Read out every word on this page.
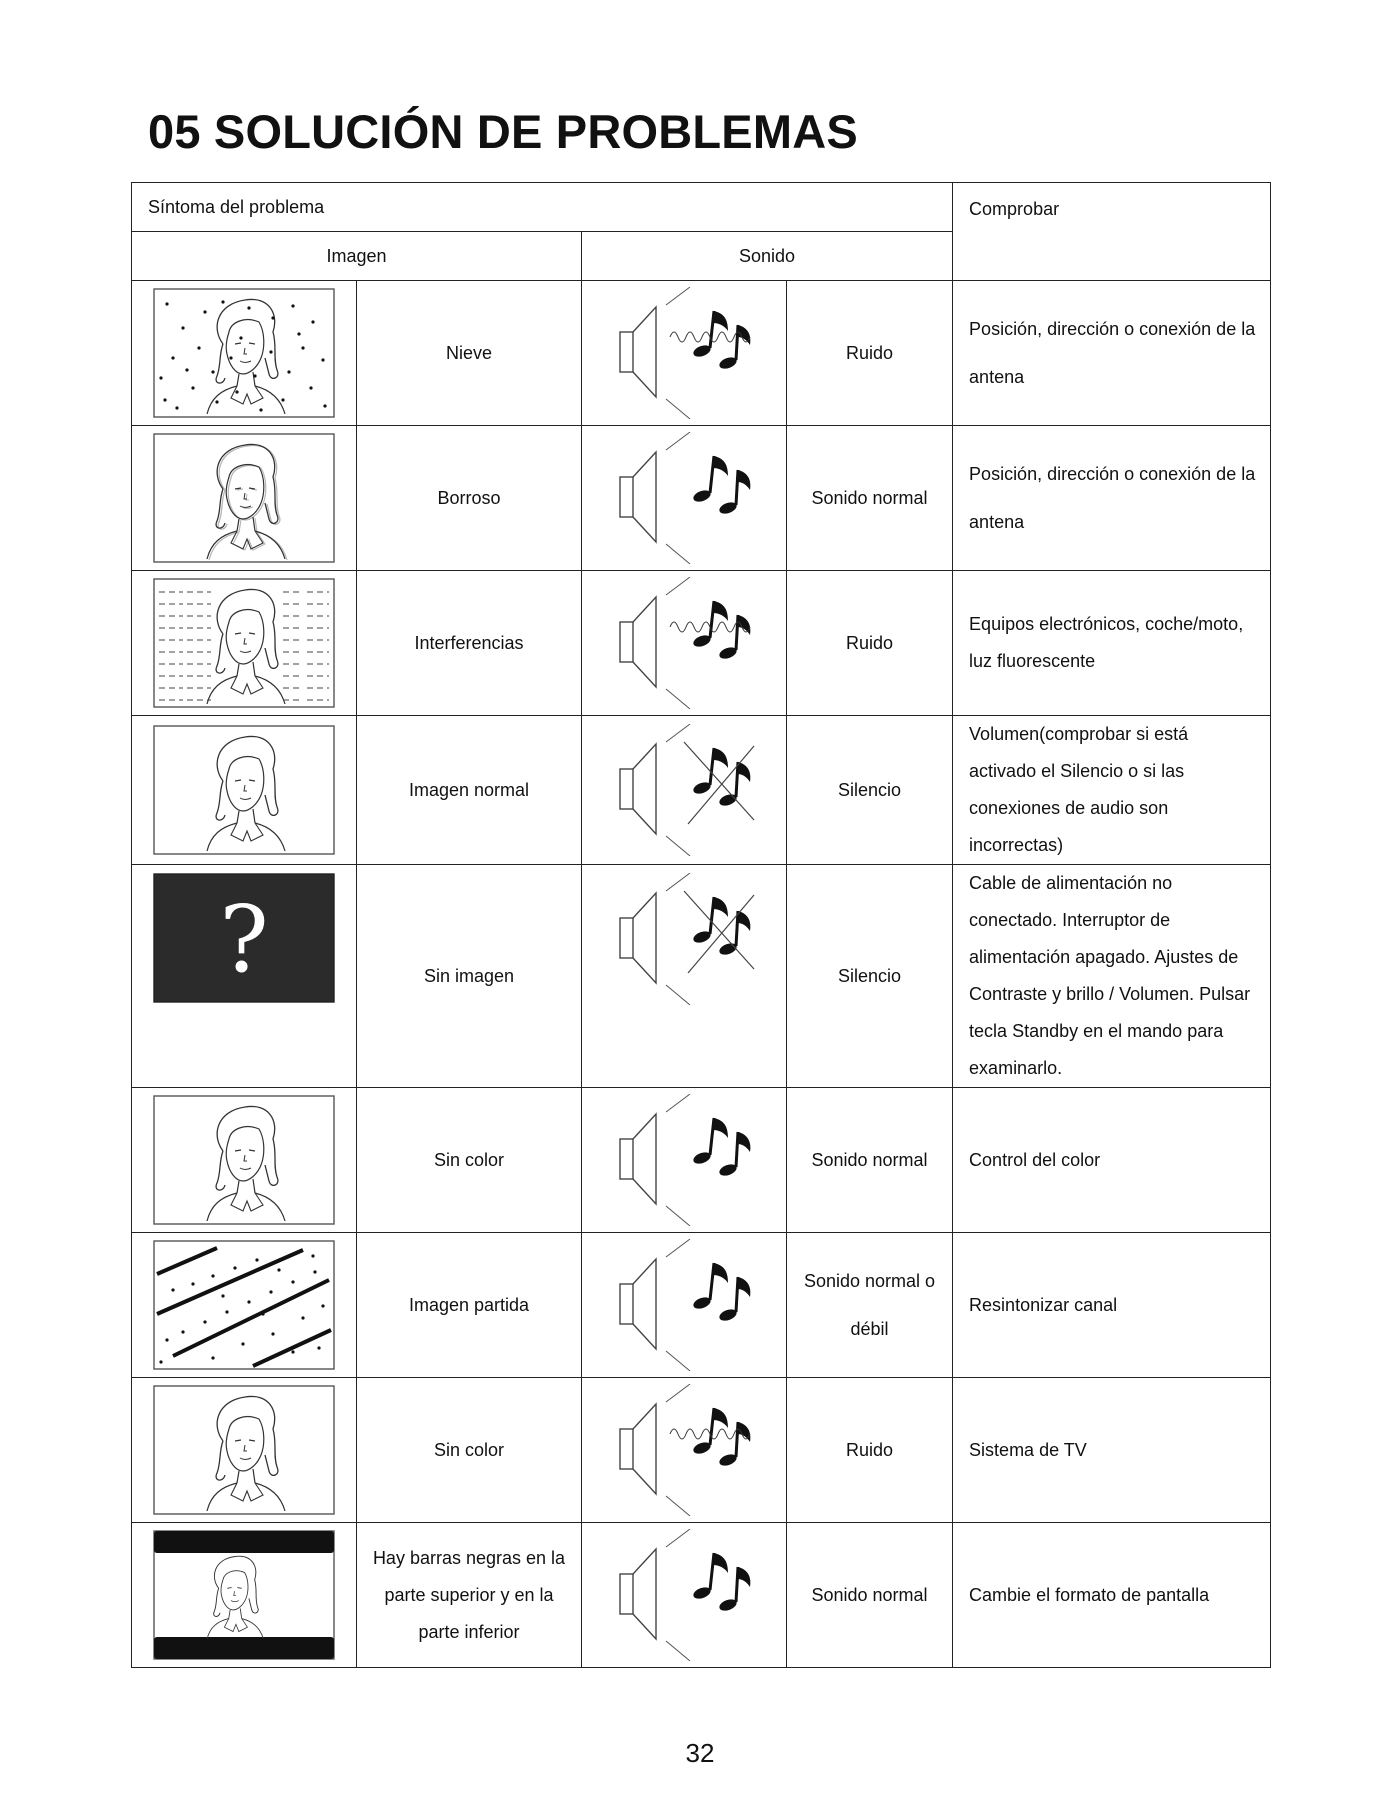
05 SOLUCIÓN DE PROBLEMAS
Síntoma del problema				Comprobar
Imagen		Sonido		

	Nieve		Ruido	Posición, dirección o conexión de la antena

	Borroso		Sonido normal	Posición, dirección o conexión de la antena

	Interferencias		Ruido	Equipos electrónicos, coche/moto, luz fluorescente

	Imagen normal		Silencio	Volumen(comprobar si está activado el Silencio o si las conexiones de audio son incorrectas)

?	Sin imagen		Silencio	Cable de alimentación no conectado. Interruptor de alimentación apagado. Ajustes de Contraste y brillo / Volumen. Pulsar tecla Standby en el mando para examinarlo.

	Sin color		Sonido normal	Control del color

	Imagen partida		Sonido normal o débil	Resintonizar canal

	Sin color		Ruido	Sistema de TV

	Hay barras negras en la parte superior y en la parte inferior		Sonido normal	Cambie el formato de pantalla
32
